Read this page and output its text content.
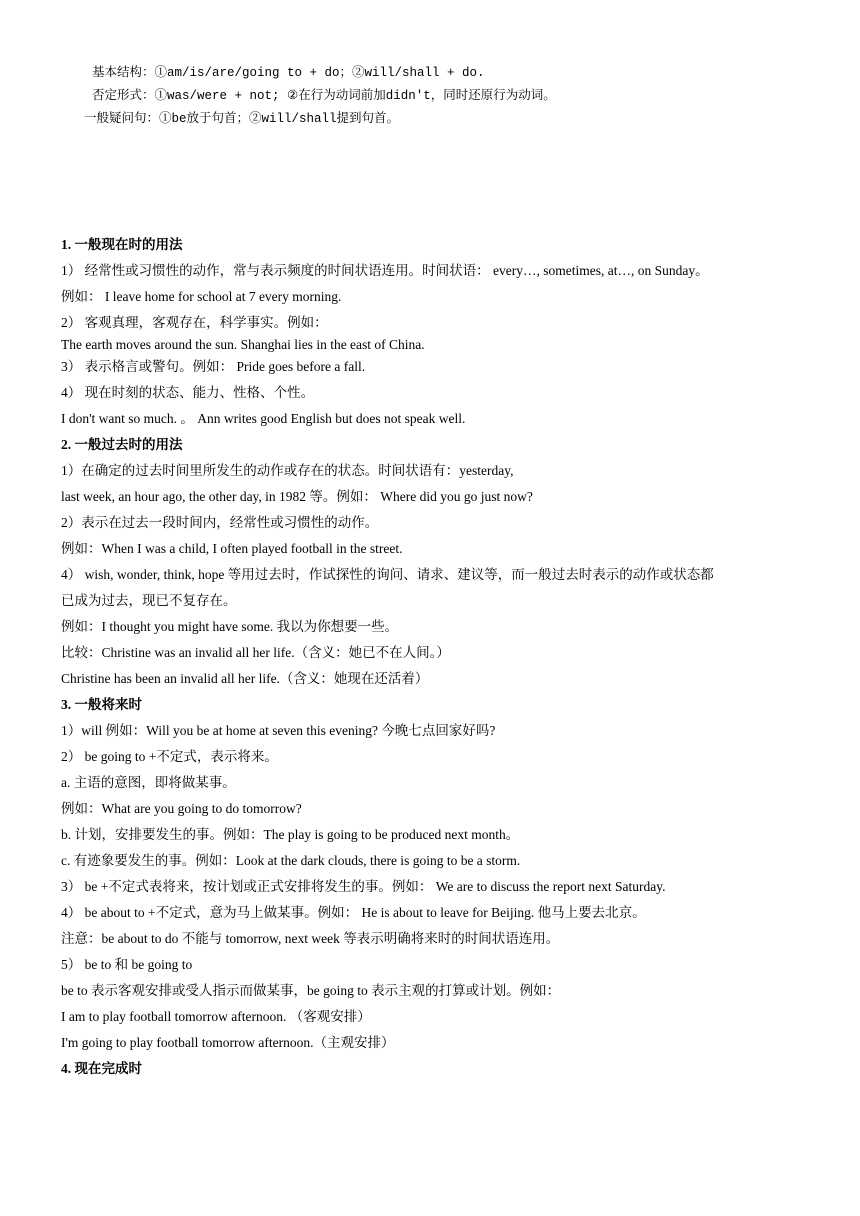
基本结构：①am/is/are/going to + do；②will/shall + do.
否定形式：①was/were + not; ②在行为动词前加didn't，同时还原行为动词。
一般疑问句：①be放于句首；②will/shall提到句首。
1. 一般现在时的用法
1） 经常性或习惯性的动作，常与表示频度的时间状语连用。时间状语： every…, sometimes, at…, on Sunday。
例如： I leave home for school at 7 every morning.
2） 客观真理，客观存在，科学事实。例如：
The earth moves around the sun. Shanghai lies in the east of China.
3） 表示格言或警句。例如： Pride goes before a fall.
4） 现在时刻的状态、能力、性格、个性。
I don't want so much. 。 Ann writes good English but does not speak well.
2. 一般过去时的用法
1）在确定的过去时间里所发生的动作或存在的状态。时间状语有：yesterday,
last week, an hour ago, the other day, in 1982 等。例如： Where did you go just now?
2）表示在过去一段时间内，经常性或习惯性的动作。
例如：When I was a child, I often played football in the street.
4） wish, wonder, think, hope 等用过去时，作试探性的询问、请求、建议等，而一般过去时表示的动作或状态都
已成为过去，现已不复存在。
例如：I thought you might have some. 我以为你想要一些。
比较：Christine was an invalid all her life.（含义：她已不在人间。）
Christine has been an invalid all her life.（含义：她现在还活着）
3. 一般将来时
1）will 例如：Will you be at home at seven this evening? 今晚七点回家好吗?
2） be going to +不定式，表示将来。
a. 主语的意图，即将做某事。
例如：What are you going to do tomorrow?
b. 计划，安排要发生的事。例如：The play is going to be produced next month。
c. 有迹象要发生的事。例如：Look at the dark clouds, there is going to be a storm.
3） be +不定式表将来，按计划或正式安排将发生的事。例如： We are to discuss the report next Saturday.
4） be about to +不定式，意为马上做某事。例如： He is about to leave for Beijing. 他马上要去北京。
注意：be about to do 不能与 tomorrow, next week 等表示明确将来时的时间状语连用。
5） be to 和 be going to
be to 表示客观安排或受人指示而做某事，be going to 表示主观的打算或计划。例如：
I am to play football tomorrow afternoon. （客观安排）
I'm going to play football tomorrow afternoon.（主观安排）
4. 现在完成时
